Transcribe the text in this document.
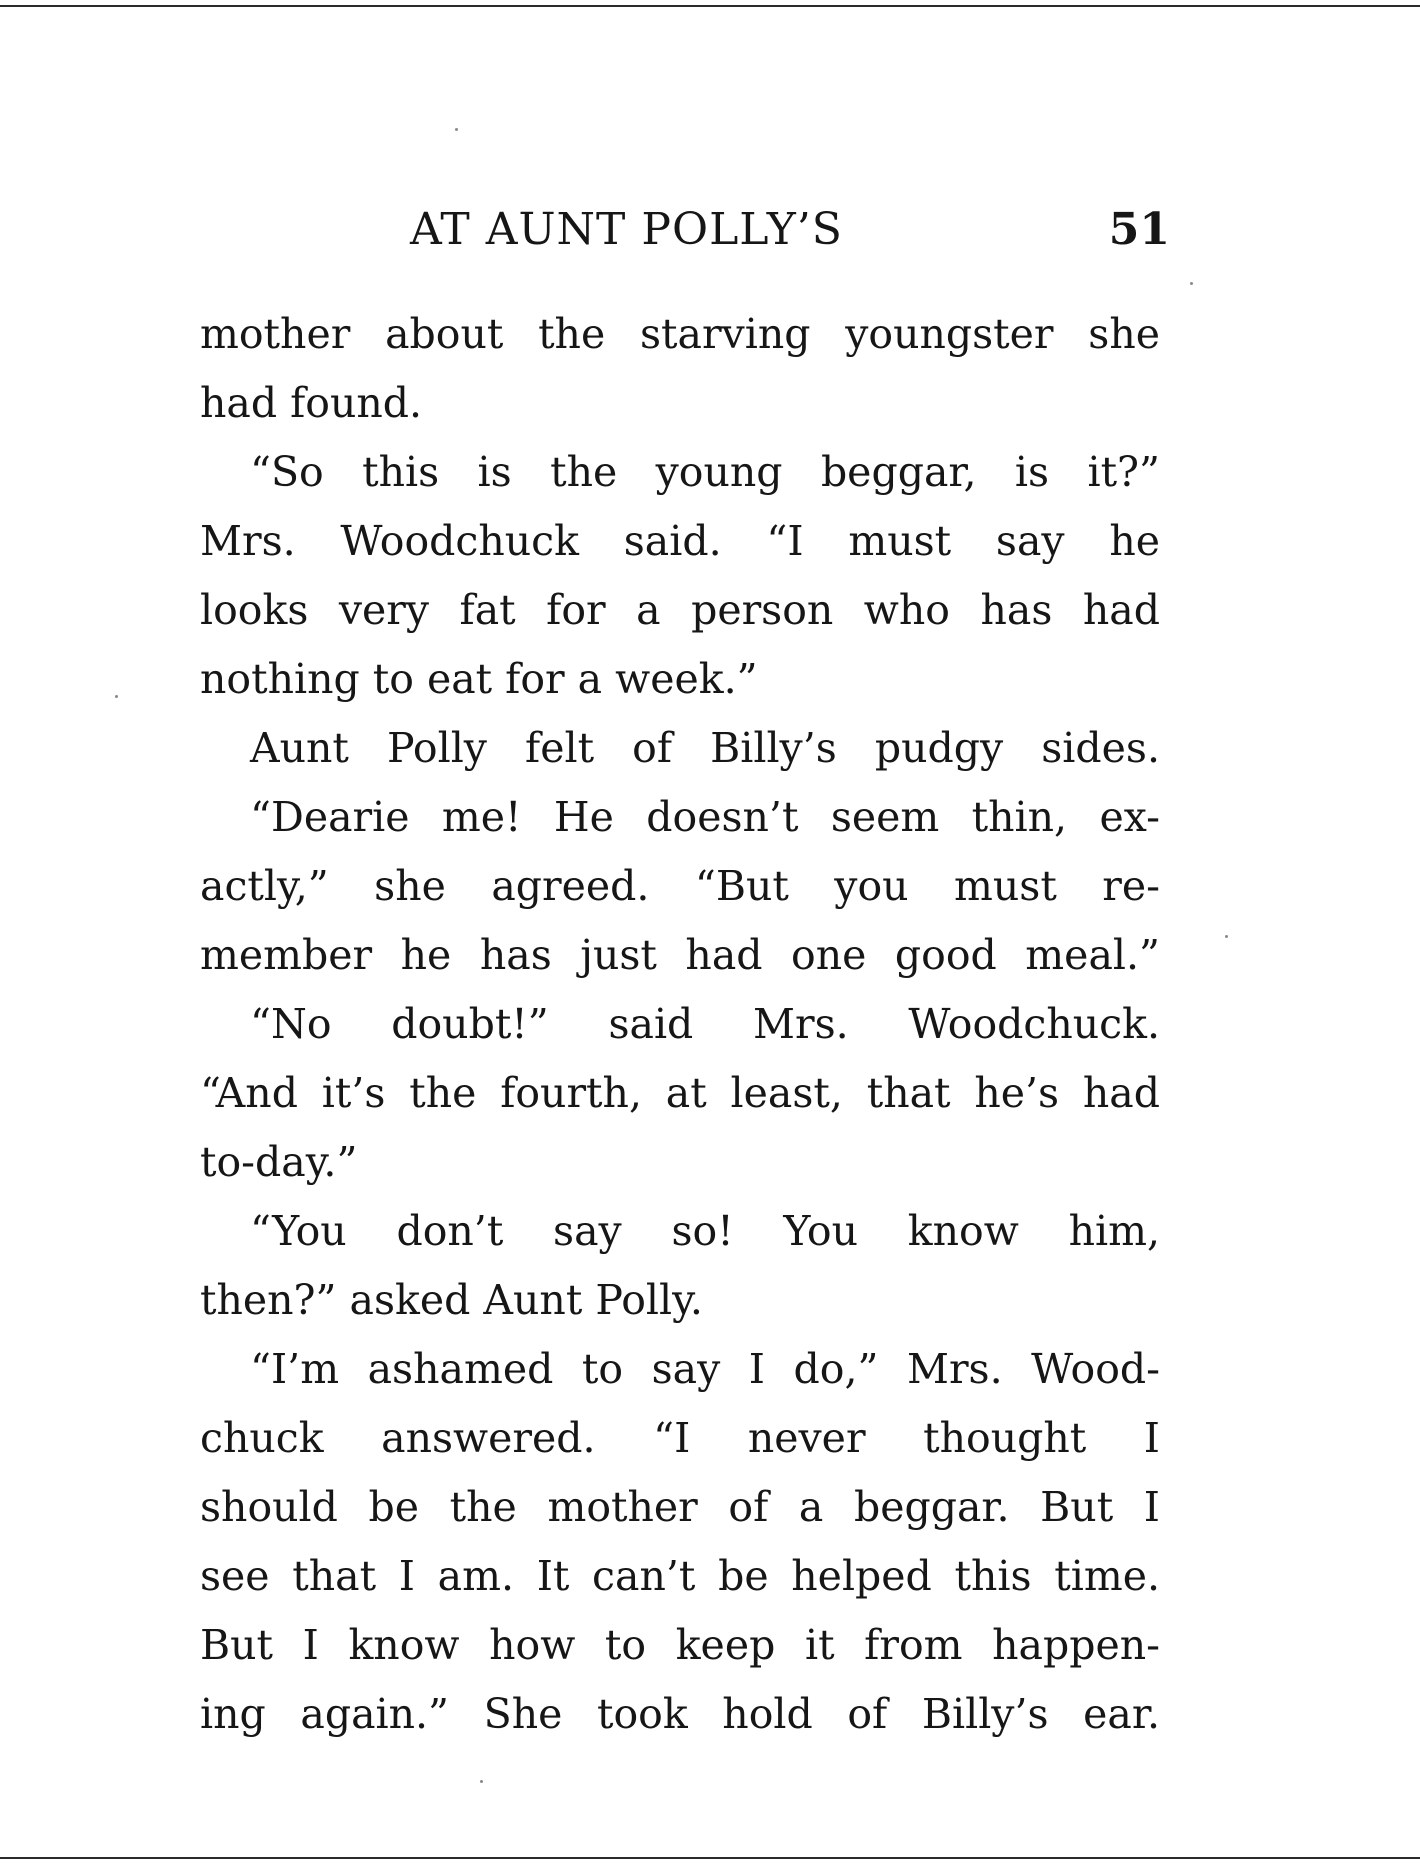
AT AUNT POLLY’S	51
mother about the starving youngster she
had found.
“So this is the young beggar, is it?”
Mrs. Woodchuck said. “I must say he
looks very fat for a person who has had
nothing to eat for a week.”
Aunt Polly felt of Billy’s pudgy sides.
“Dearie me! He doesn’t seem thin, ex-
actly,” she agreed. “But you must re-
member he has just had one good meal.”
“No doubt!” said Mrs. Woodchuck.
“And it’s the fourth, at least, that he’s had
to-day.”
“You don’t say so! You know him,
then?” asked Aunt Polly.
“I’m ashamed to say I do,” Mrs. Wood-
chuck answered. “I never thought I
should be the mother of a beggar. But I
see that I am. It can’t be helped this time.
But I know how to keep it from happen-
ing again.” She took hold of Billy’s ear.
